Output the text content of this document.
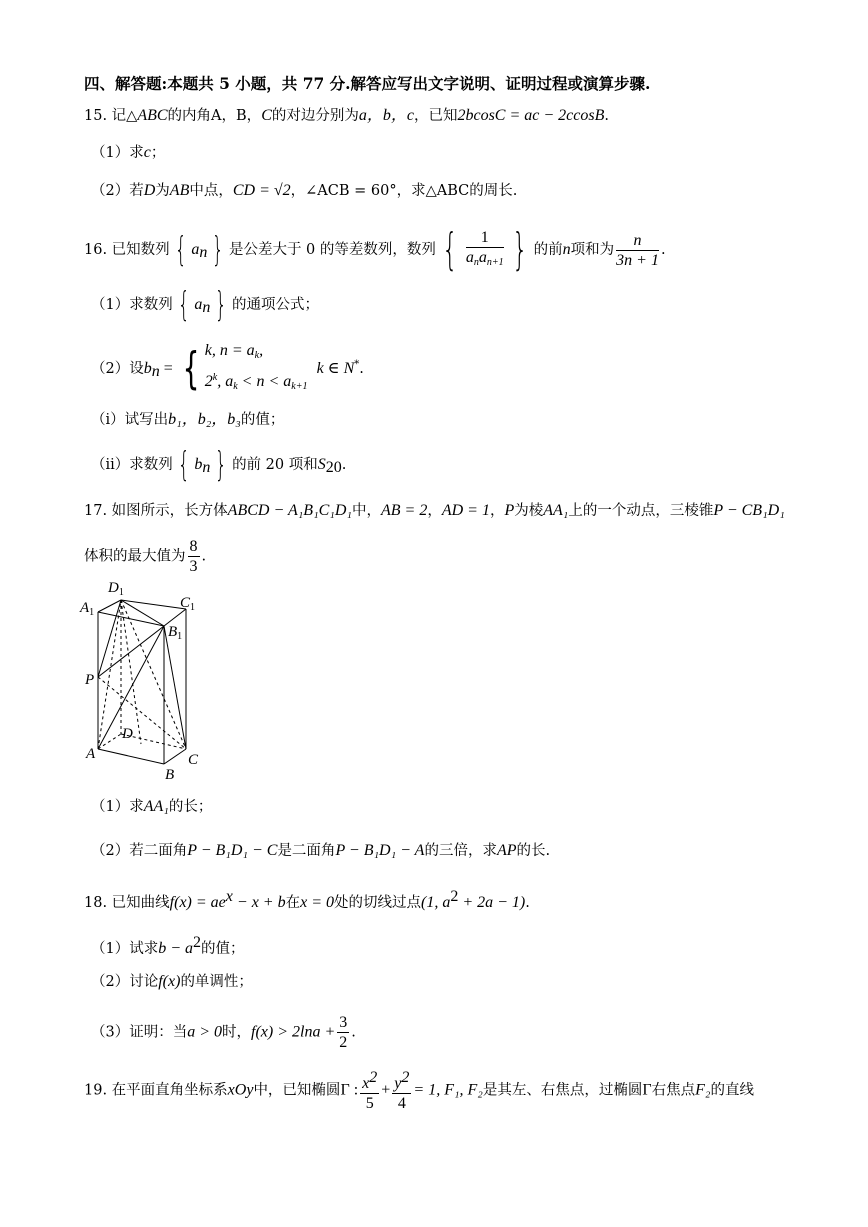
四、解答题:本题共 5 小题，共 77 分.解答应写出文字说明、证明过程或演算步骤.
15. 记△ABC的内角A，B，C的对边分别为a，b，c，已知2bcosC = ac − 2ccosB.
（1）求c；
（2）若D为AB中点，CD = √2，∠ACB = 60°，求△ABC的周长.
16. 已知数列 { $a_n$ } 是公差大于 0 的等差数列，数列 { $\frac{1}{a_na_{n+1}}$ } 的前n项和为 $\frac{n}{3n + 1}$ .
（1）求数列 { $a_n$ } 的通项公式；
（2）设$b_n$ = { k, $n = a_k$,
2$^k$, $a_k < n < a_{k+1}$
k ∈ N*.
（i）试写出b₁，b₂，b₃的值；
（ii）求数列 { $b_n$ } 的前 20 项和$S_{20}$.
17. 如图所示，长方体ABCD − A₁B₁C₁D₁中，AB = 2，AD = 1，P为棱AA₁上的一个动点，三棱锥P − CB₁D₁
体积的最大值为 $\frac{8}{3}$ .
$D_1$
$A_1$
$C_1$
$B_1$
P
D
A	C
B
（1）求AA₁的长；
（2）若二面角P − B₁D₁ − C是二面角P − B₁D₁ − A的三倍，求AP的长.
18. 已知曲线$f(x) = ae^x - x + b$在x = 0处的切线过点(1, $a^2 + 2a - 1$).
（1）试求$b - a^2$的值；
（2）讨论f(x)的单调性；
（3）证明：当a > 0时，$f(x) > 2\ln a + \frac{3}{2}$ .
19. 在平面直角坐标系xOy中，已知椭圆Γ : $\frac{x^2}{5} + \frac{y^2}{4} = 1$, F₁, F₂是其左、右焦点，过椭圆Γ右焦点F₂的直线
